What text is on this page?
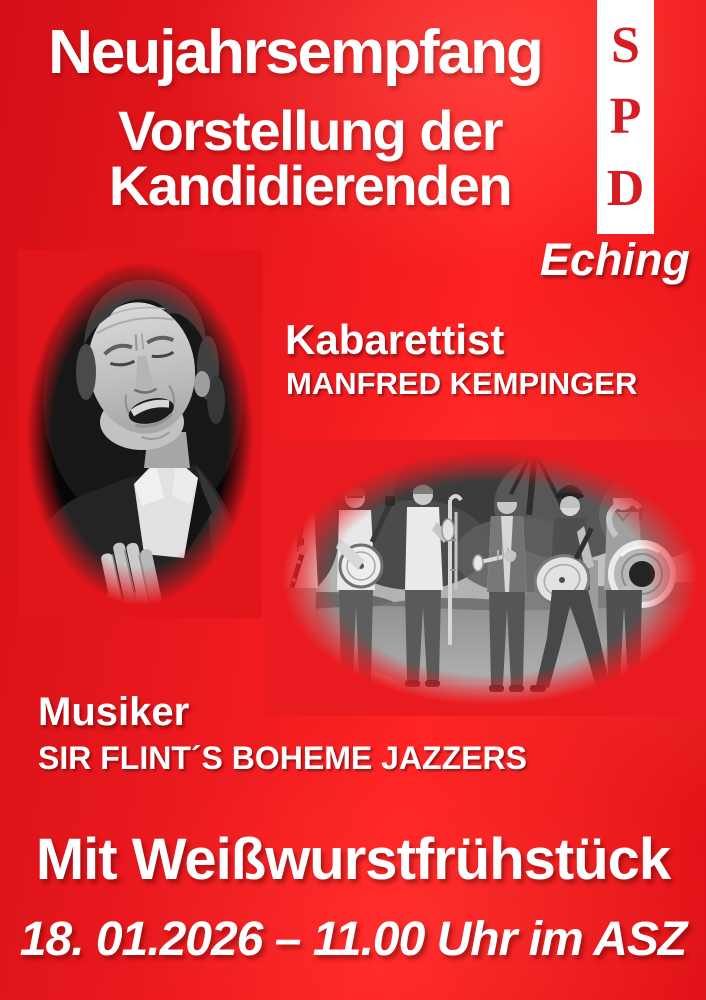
Neujahrsempfang
Vorstellung der
Kandidierenden
S
P
D
Eching
Kabarettist
MANFRED KEMPINGER
Musiker
SIR FLINT´S BOHEME JAZZERS
Mit Weißwurstfrühstück
18. 01.2026 – 11.00 Uhr im ASZ
